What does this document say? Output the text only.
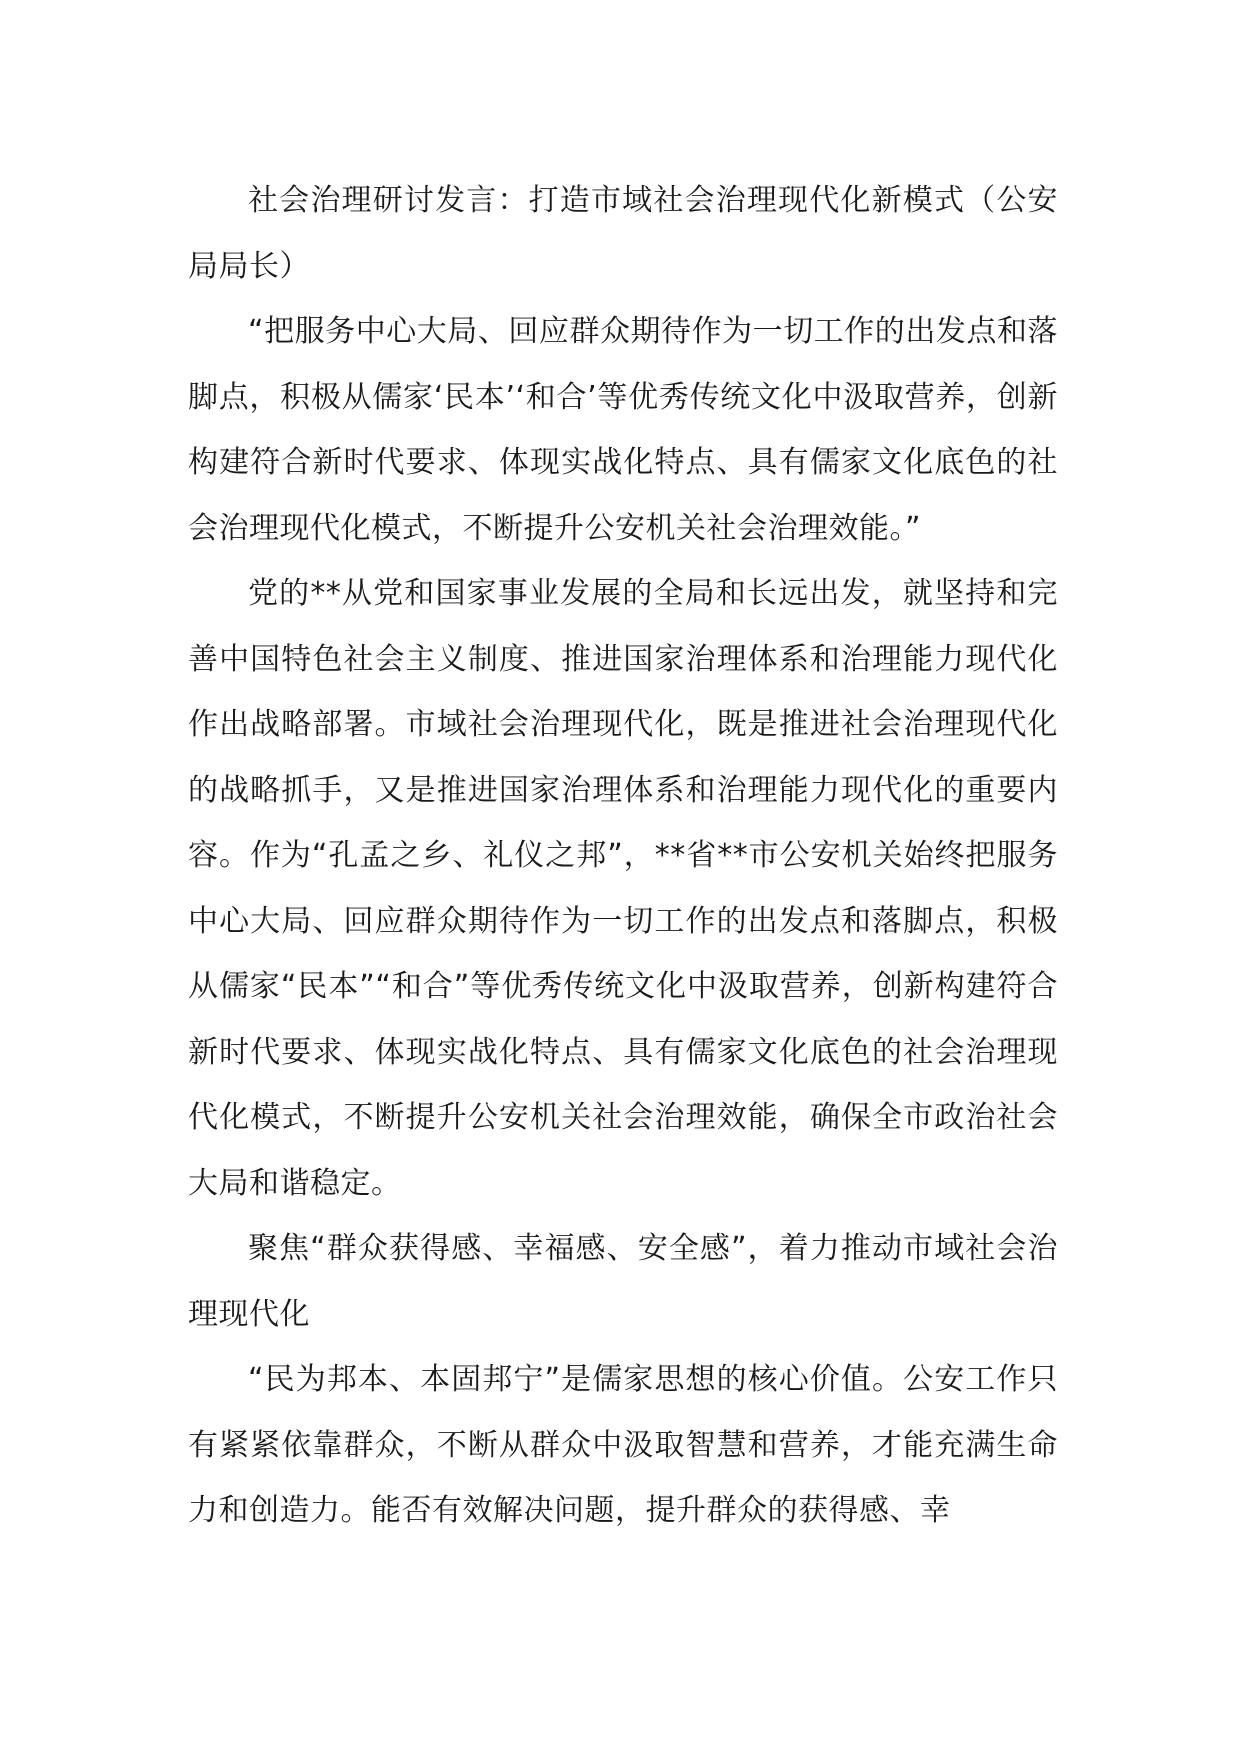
社会治理研讨发言：打造市域社会治理现代化新模式（公安局局长）

“把服务中心大局、回应群众期待作为一切工作的出发点和落脚点，积极从儒家‘民本’‘和合’等优秀传统文化中汲取营养，创新构建符合新时代要求、体现实战化特点、具有儒家文化底色的社会治理现代化模式，不断提升公安机关社会治理效能。”

党的**从党和国家事业发展的全局和长远出发，就坚持和完善中国特色社会主义制度、推进国家治理体系和治理能力现代化作出战略部署。市域社会治理现代化，既是推进社会治理现代化的战略抓手，又是推进国家治理体系和治理能力现代化的重要内容。作为“孔孟之乡、礼仪之邦”，**省**市公安机关始终把服务中心大局、回应群众期待作为一切工作的出发点和落脚点，积极从儒家“民本”“和合”等优秀传统文化中汲取营养，创新构建符合新时代要求、体现实战化特点、具有儒家文化底色的社会治理现代化模式，不断提升公安机关社会治理效能，确保全市政治社会大局和谐稳定。

聚焦“群众获得感、幸福感、安全感”，着力推动市域社会治理现代化

“民为邦本、本固邦宁”是儒家思想的核心价值。公安工作只有紧紧依靠群众，不断从群众中汲取智慧和营养，才能充满生命力和创造力。能否有效解决问题，提升群众的获得感、幸
